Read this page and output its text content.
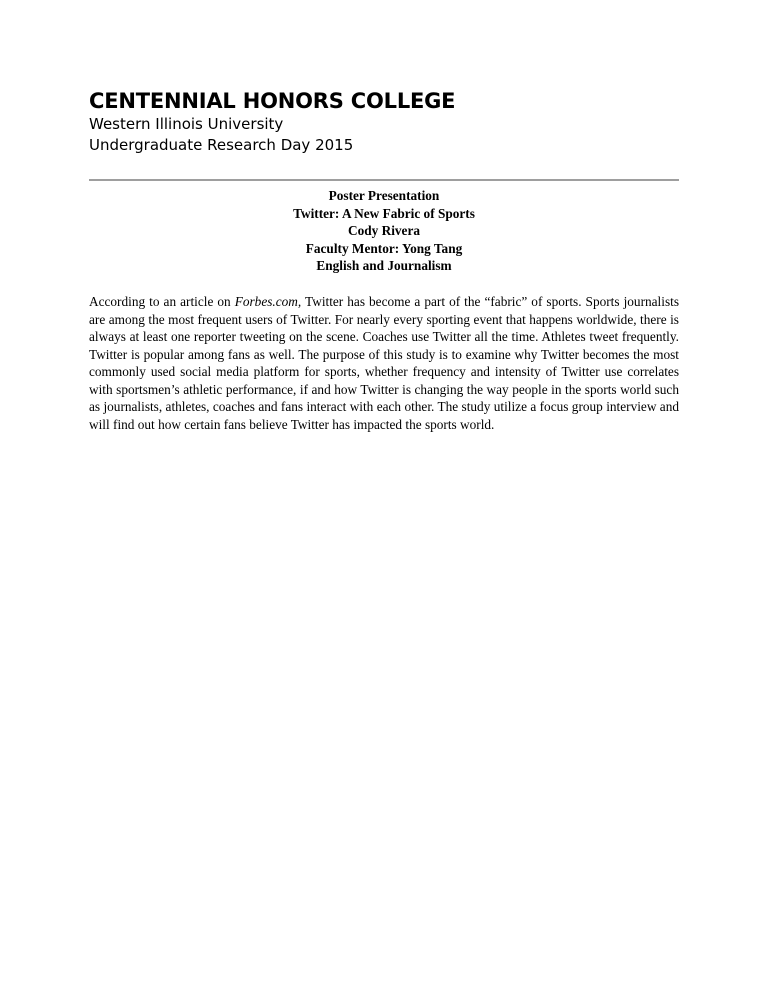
CENTENNIAL HONORS COLLEGE
Western Illinois University
Undergraduate Research Day 2015
Poster Presentation
Twitter: A New Fabric of Sports
Cody Rivera
Faculty Mentor: Yong Tang
English and Journalism

According to an article on Forbes.com, Twitter has become a part of the “fabric” of sports. Sports journalists are among the most frequent users of Twitter. For nearly every sporting event that happens worldwide, there is always at least one reporter tweeting on the scene. Coaches use Twitter all the time. Athletes tweet frequently. Twitter is popular among fans as well. The purpose of this study is to examine why Twitter becomes the most commonly used social media platform for sports, whether frequency and intensity of Twitter use correlates with sportsmen’s athletic performance, if and how Twitter is changing the way people in the sports world such as journalists, athletes, coaches and fans interact with each other. The study utilize a focus group interview and will find out how certain fans believe Twitter has impacted the sports world.
